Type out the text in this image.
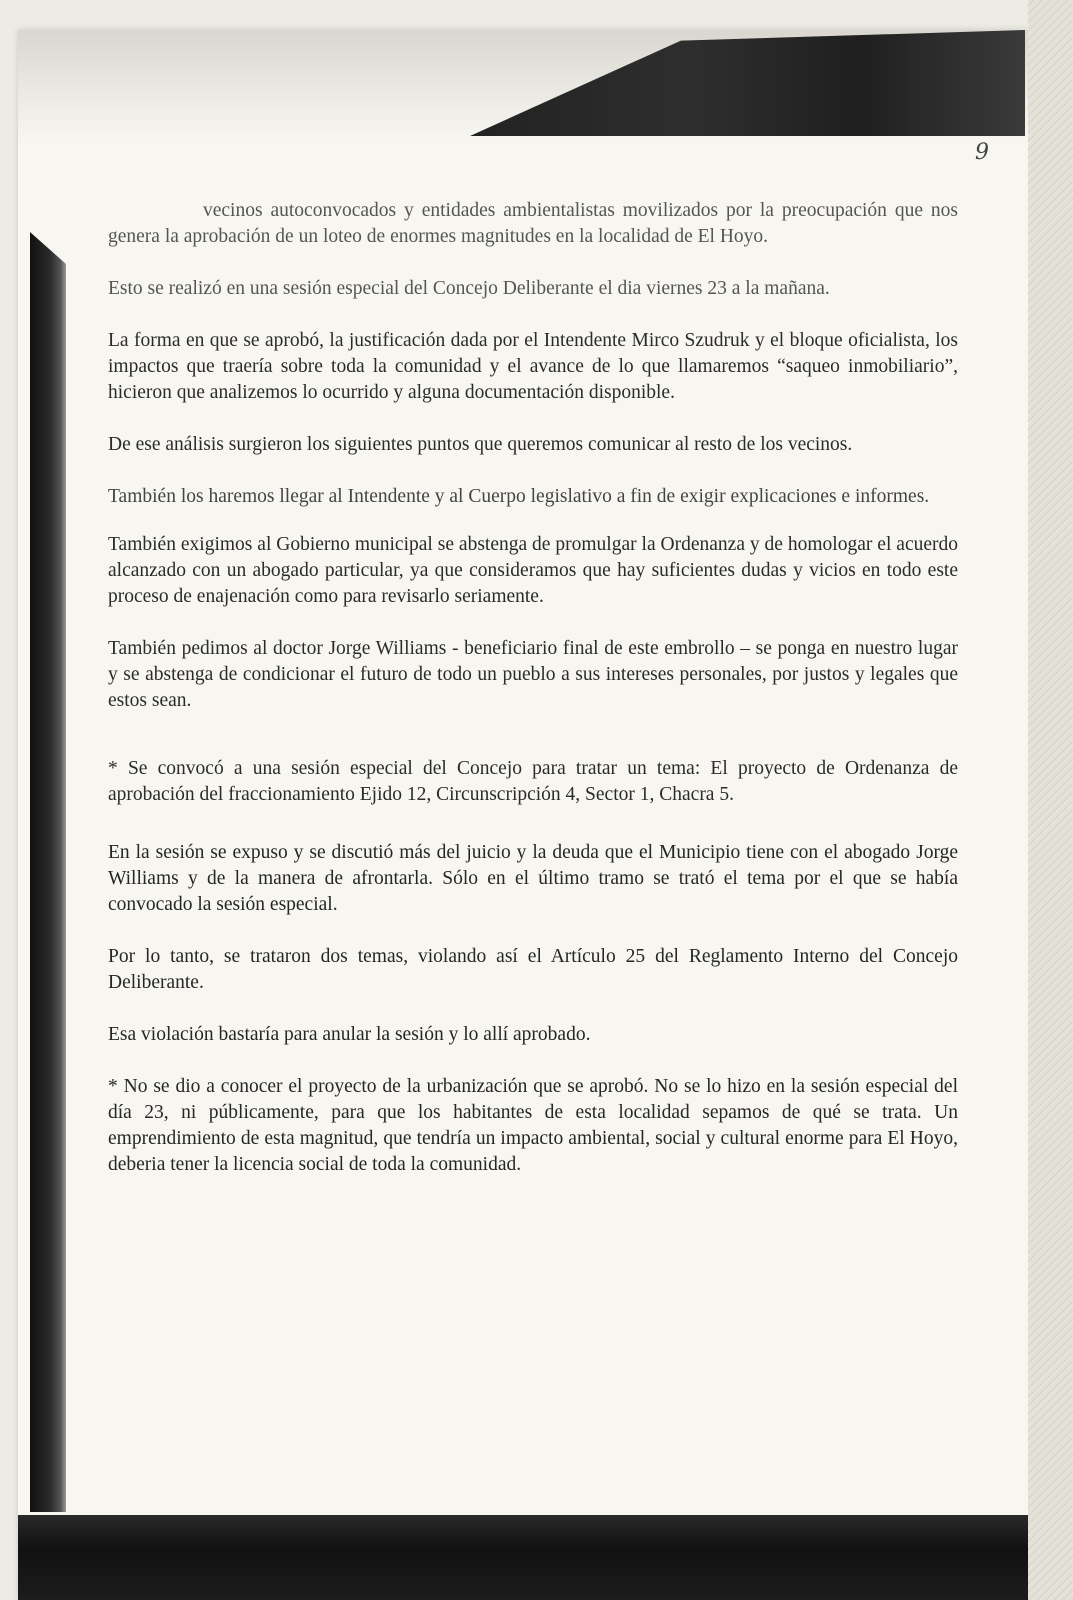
9

vecinos autoconvocados y entidades ambientalistas movilizados por la preocupación que nos genera la aprobación de un loteo de enormes magnitudes en la localidad de El Hoyo.

Esto se realizó en una sesión especial del Concejo Deliberante el dia viernes 23 a la mañana.

La forma en que se aprobó, la justificación dada por el Intendente Mirco Szudruk y el bloque oficialista, los impactos que traería sobre toda la comunidad y el avance de lo que llamaremos “saqueo inmobiliario”, hicieron que analizemos lo ocurrido y alguna documentación disponible.

De ese análisis surgieron los siguientes puntos que queremos comunicar al resto de los vecinos.

También los haremos llegar al Intendente y al Cuerpo legislativo a fin de exigir explicaciones e informes.

También exigimos al Gobierno municipal se abstenga de promulgar la Ordenanza y de homologar el acuerdo alcanzado con un abogado particular, ya que consideramos que hay suficientes dudas y vicios en todo este proceso de enajenación como para revisarlo seriamente.

También pedimos al doctor Jorge Williams - beneficiario final de este embrollo – se ponga en nuestro lugar y se abstenga de condicionar el futuro de todo un pueblo a sus intereses personales, por justos y legales que estos sean.

* Se convocó a una sesión especial del Concejo para tratar un tema: El proyecto de Ordenanza de aprobación del fraccionamiento Ejido 12, Circunscripción 4, Sector 1, Chacra 5.

En la sesión se expuso y se discutió más del juicio y la deuda que el Municipio tiene con el abogado Jorge Williams y de la manera de afrontarla. Sólo en el último tramo se trató el tema por el que se había convocado la sesión especial.

Por lo tanto, se trataron dos temas, violando así el Artículo 25 del Reglamento Interno del Concejo Deliberante.

Esa violación bastaría para anular la sesión y lo allí aprobado.

* No se dio a conocer el proyecto de la urbanización que se aprobó. No se lo hizo en la sesión especial del día 23, ni públicamente, para que los habitantes de esta localidad sepamos de qué se trata. Un emprendimiento de esta magnitud, que tendría un impacto ambiental, social y cultural enorme para El Hoyo, deberia tener la licencia social de toda la comunidad.
